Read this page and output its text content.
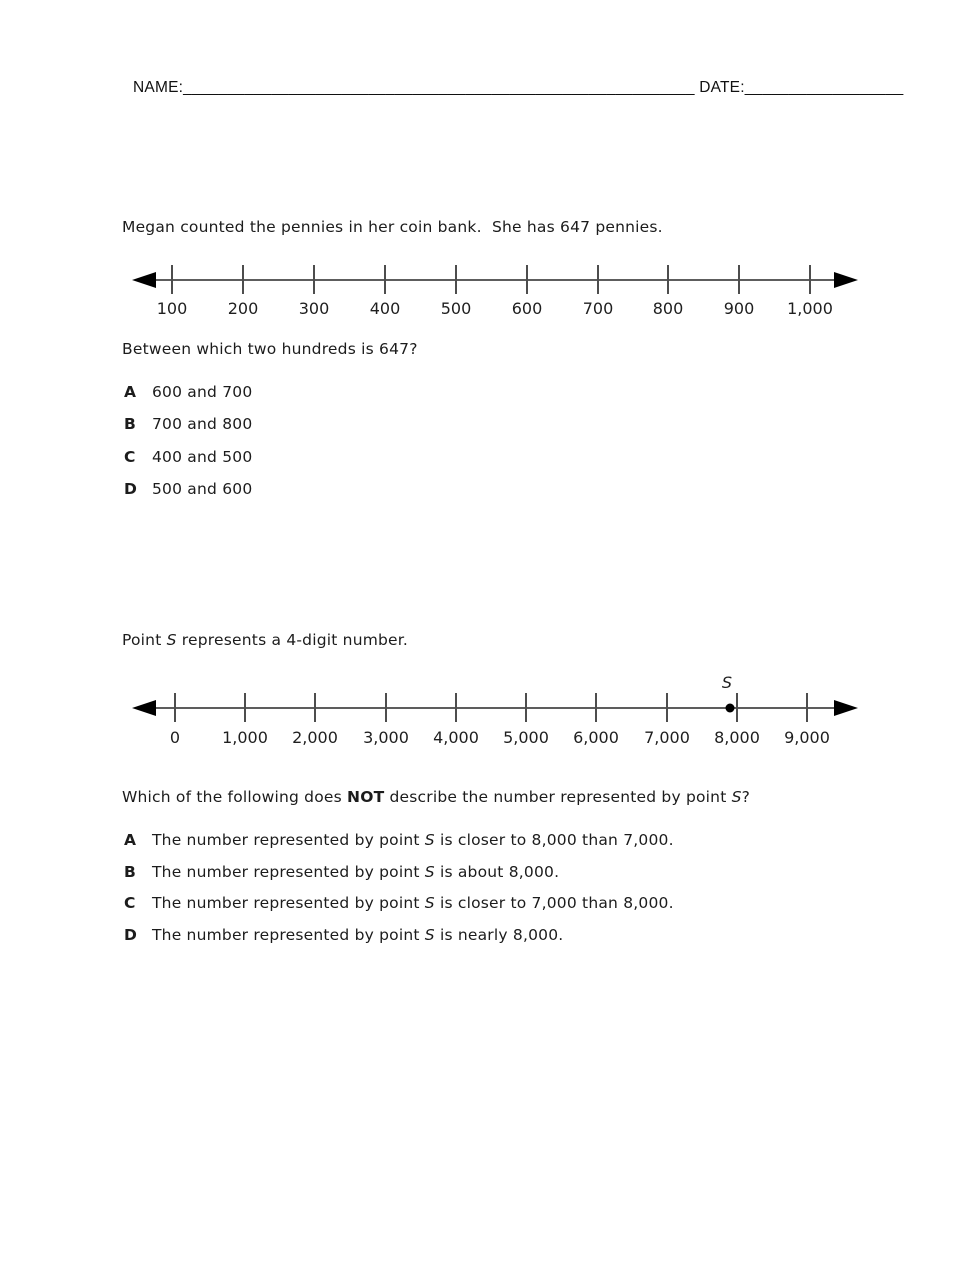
NAME:__________________________________________________________ DATE:__________________

Megan counted the pennies in her coin bank.  She has 647 pennies.
100	200	300	400	500	600	700 800	900 1,000
Between which two hundreds is 647?
A	600 and 700
B	700 and 800
C	400 and 500
D 500 and 600
Point S represents a 4-digit number.
S
0	1,000 2,000 3,000 4,000 5,000 6,000 7,000 8,000 9,000
Which of the following does NOT describe the number represented by point S?
A	The number represented by point S is closer to 8,000 than 7,000.
B	The number represented by point S is about 8,000.
C	The number represented by point S is closer to 7,000 than 8,000.
D The number represented by point S is nearly 8,000.
